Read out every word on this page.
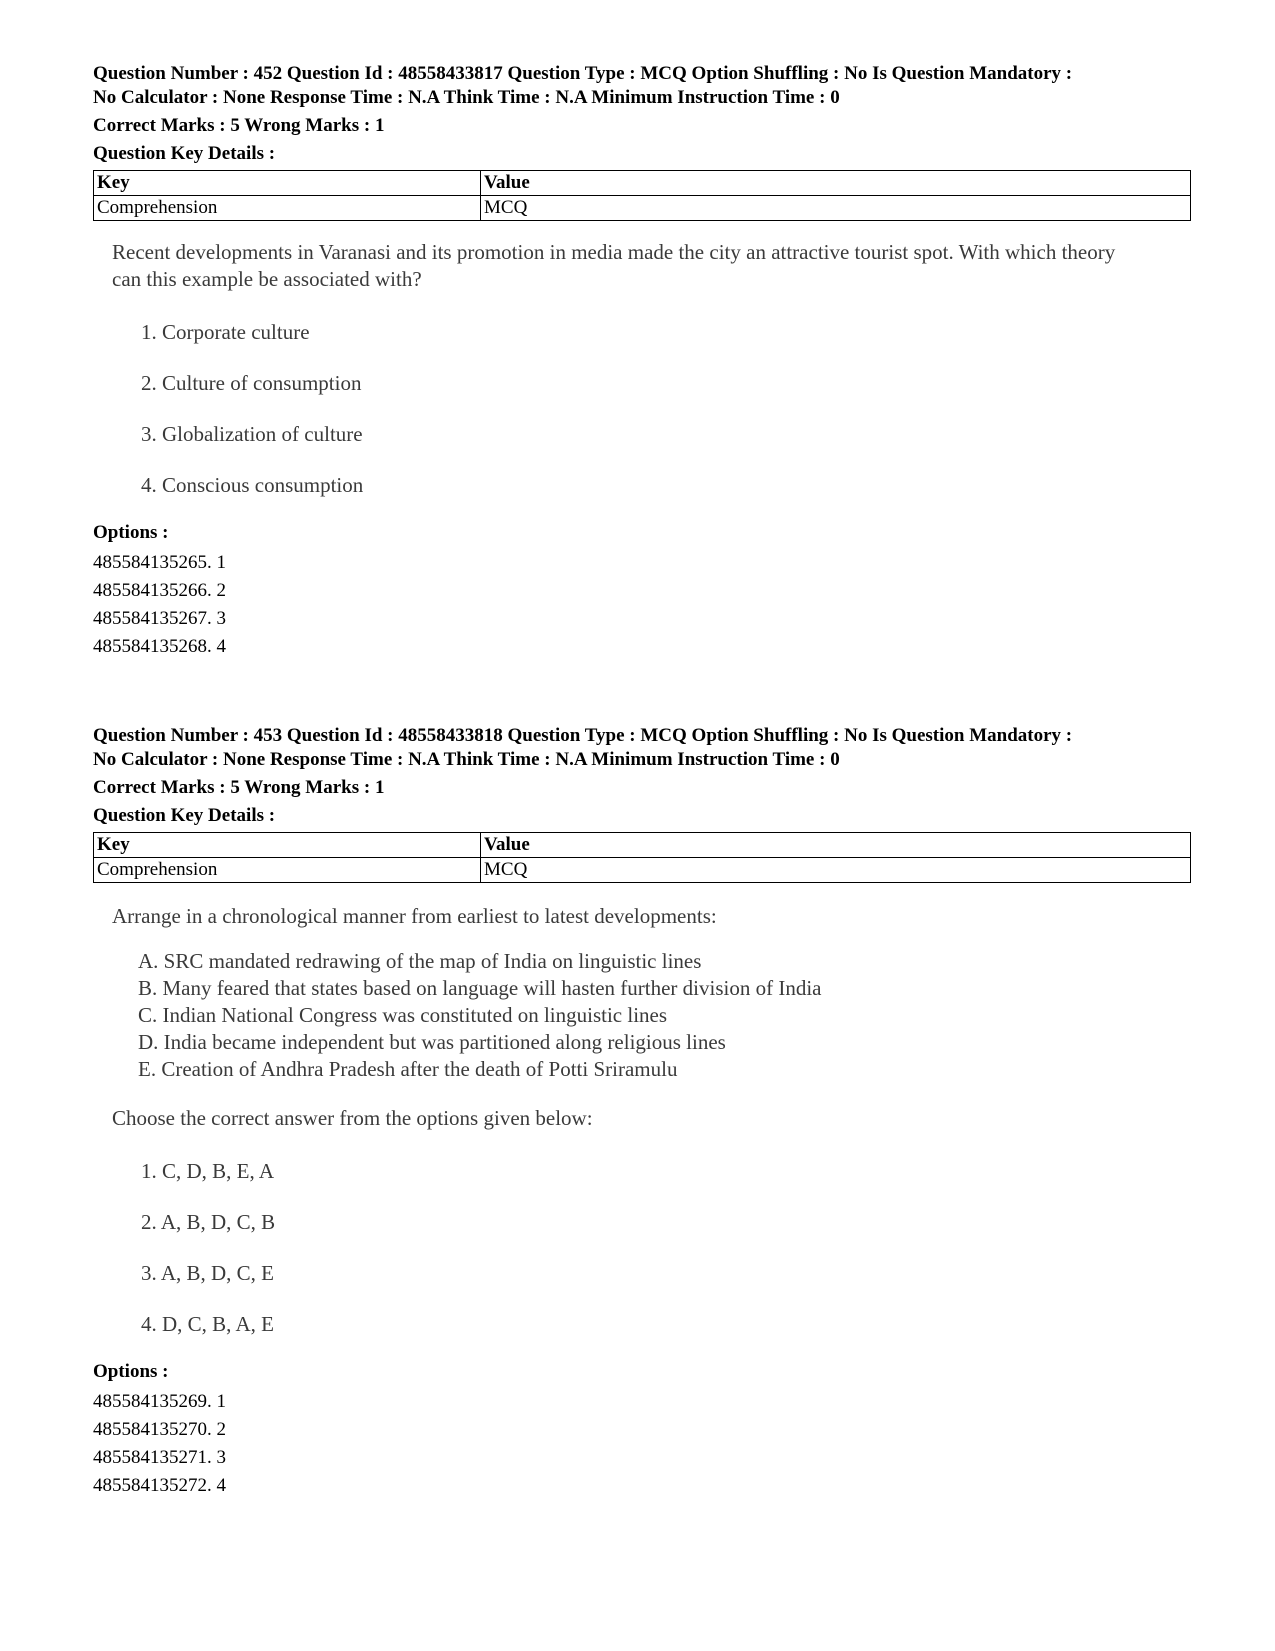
Question Number : 452 Question Id : 48558433817 Question Type : MCQ Option Shuffling : No Is Question Mandatory :
No Calculator : None Response Time : N.A Think Time : N.A Minimum Instruction Time : 0
Correct Marks : 5 Wrong Marks : 1
Question Key Details :
Key	Value
Comprehension	MCQ
Recent developments in Varanasi and its promotion in media made the city an attractive tourist spot. With which theory can this example be associated with?
1. Corporate culture
2. Culture of consumption
3. Globalization of culture
4. Conscious consumption
Options :
485584135265. 1
485584135266. 2
485584135267. 3
485584135268. 4
Question Number : 453 Question Id : 48558433818 Question Type : MCQ Option Shuffling : No Is Question Mandatory :
No Calculator : None Response Time : N.A Think Time : N.A Minimum Instruction Time : 0
Correct Marks : 5 Wrong Marks : 1
Question Key Details :
Key	Value
Comprehension	MCQ
Arrange in a chronological manner from earliest to latest developments:
A. SRC mandated redrawing of the map of India on linguistic lines
B. Many feared that states based on language will hasten further division of India
C. Indian National Congress was constituted on linguistic lines
D. India became independent but was partitioned along religious lines
E. Creation of Andhra Pradesh after the death of Potti Sriramulu
Choose the correct answer from the options given below:
1. C, D, B, E, A
2. A, B, D, C, B
3. A, B, D, C, E
4. D, C, B, A, E
Options :
485584135269. 1
485584135270. 2
485584135271. 3
485584135272. 4
